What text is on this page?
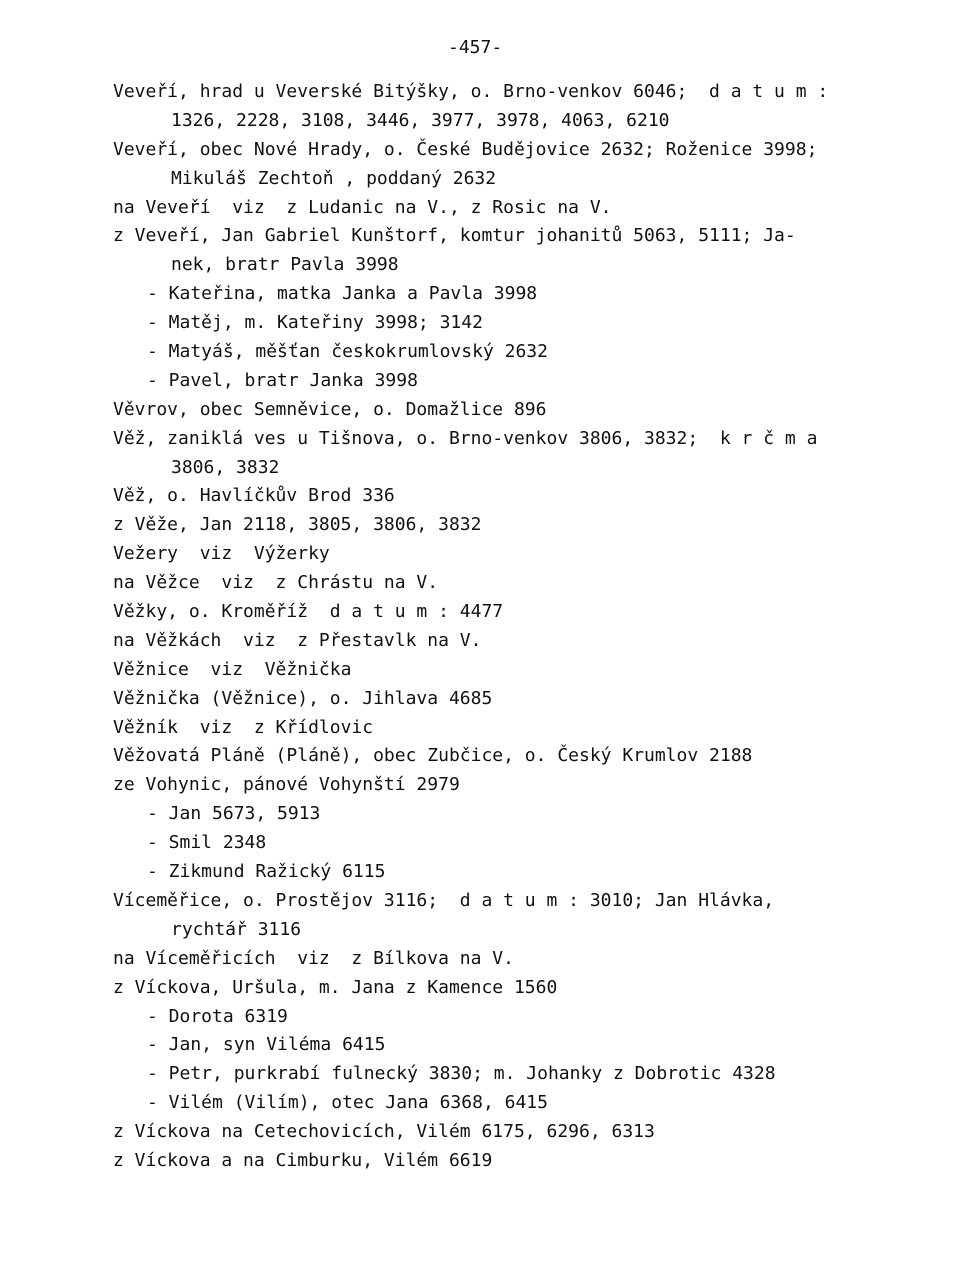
-457-
Veveří, hrad u Veverské Bitýšky, o. Brno-venkov 6046;  d a t u m :
1326, 2228, 3108, 3446, 3977, 3978, 4063, 6210
Veveří, obec Nové Hrady, o. České Budějovice 2632; Roženice 3998;
Mikuláš Zechtoň , poddaný 2632
na Veveří  viz  z Ludanic na V., z Rosic na V.
z Veveří, Jan Gabriel Kunštorf, komtur johanitů 5063, 5111; Ja-
nek, bratr Pavla 3998
- Kateřina, matka Janka a Pavla 3998
- Matěj, m. Kateřiny 3998; 3142
- Matyáš, měšťan českokrumlovský 2632
- Pavel, bratr Janka 3998
Věvrov, obec Semněvice, o. Domažlice 896
Věž, zaniklá ves u Tišnova, o. Brno-venkov 3806, 3832;  k r č m a
3806, 3832
Věž, o. Havlíčkův Brod 336
z Věže, Jan 2118, 3805, 3806, 3832
Vežery  viz  Výžerky
na Věžce  viz  z Chrástu na V.
Věžky, o. Kroměříž  d a t u m : 4477
na Věžkách  viz  z Přestavlk na V.
Věžnice  viz  Věžnička
Věžnička (Věžnice), o. Jihlava 4685
Věžník  viz  z Křídlovic
Věžovatá Pláně (Pláně), obec Zubčice, o. Český Krumlov 2188
ze Vohynic, pánové Vohynští 2979
- Jan 5673, 5913
- Smil 2348
- Zikmund Ražický 6115
Víceměřice, o. Prostějov 3116;  d a t u m : 3010; Jan Hlávka,
rychtář 3116
na Víceměřicích  viz  z Bílkova na V.
z Víckova, Uršula, m. Jana z Kamence 1560
- Dorota 6319
- Jan, syn Viléma 6415
- Petr, purkrabí fulnecký 3830; m. Johanky z Dobrotic 4328
- Vilém (Vilím), otec Jana 6368, 6415
z Víckova na Cetechovicích, Vilém 6175, 6296, 6313
z Víckova a na Cimburku, Vilém 6619
